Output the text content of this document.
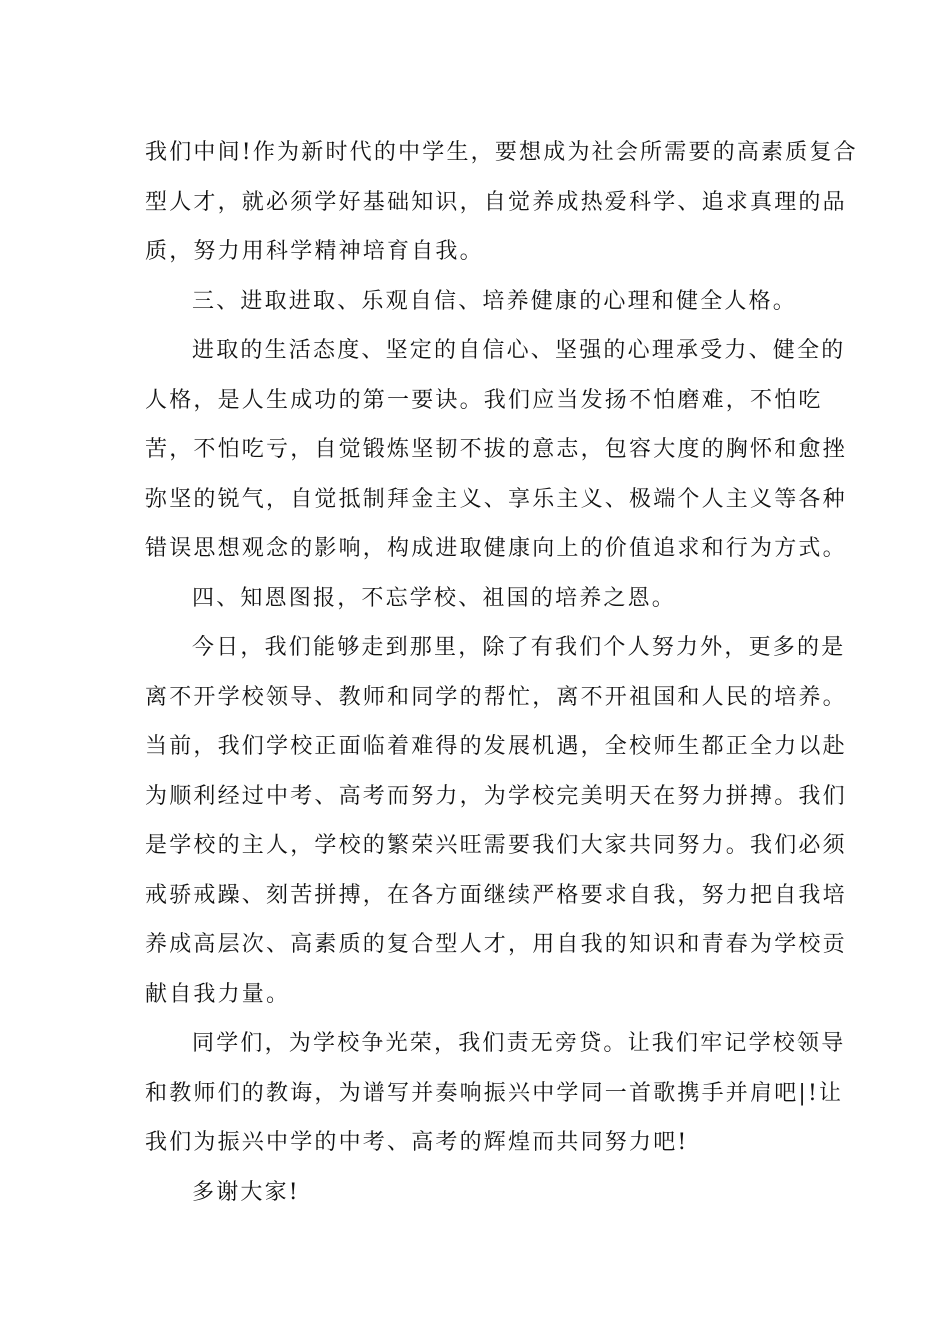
我们中间!作为新时代的中学生，要想成为社会所需要的高素质复合
型人才，就必须学好基础知识，自觉养成热爱科学、追求真理的品
质，努力用科学精神培育自我。
三、进取进取、乐观自信、培养健康的心理和健全人格。
进取的生活态度、坚定的自信心、坚强的心理承受力、健全的
人格，是人生成功的第一要诀。我们应当发扬不怕磨难，不怕吃
苦，不怕吃亏，自觉锻炼坚韧不拔的意志，包容大度的胸怀和愈挫
弥坚的锐气，自觉抵制拜金主义、享乐主义、极端个人主义等各种
错误思想观念的影响，构成进取健康向上的价值追求和行为方式。
四、知恩图报，不忘学校、祖国的培养之恩。
今日，我们能够走到那里，除了有我们个人努力外，更多的是
离不开学校领导、教师和同学的帮忙，离不开祖国和人民的培养。
当前，我们学校正面临着难得的发展机遇，全校师生都正全力以赴
为顺利经过中考、高考而努力，为学校完美明天在努力拼搏。我们
是学校的主人，学校的繁荣兴旺需要我们大家共同努力。我们必须
戒骄戒躁、刻苦拼搏，在各方面继续严格要求自我，努力把自我培
养成高层次、高素质的复合型人才，用自我的知识和青春为学校贡
献自我力量。
同学们，为学校争光荣，我们责无旁贷。让我们牢记学校领导
和教师们的教诲，为谱写并奏响振兴中学同一首歌携手并肩吧|!让
我们为振兴中学的中考、高考的辉煌而共同努力吧!
多谢大家!
